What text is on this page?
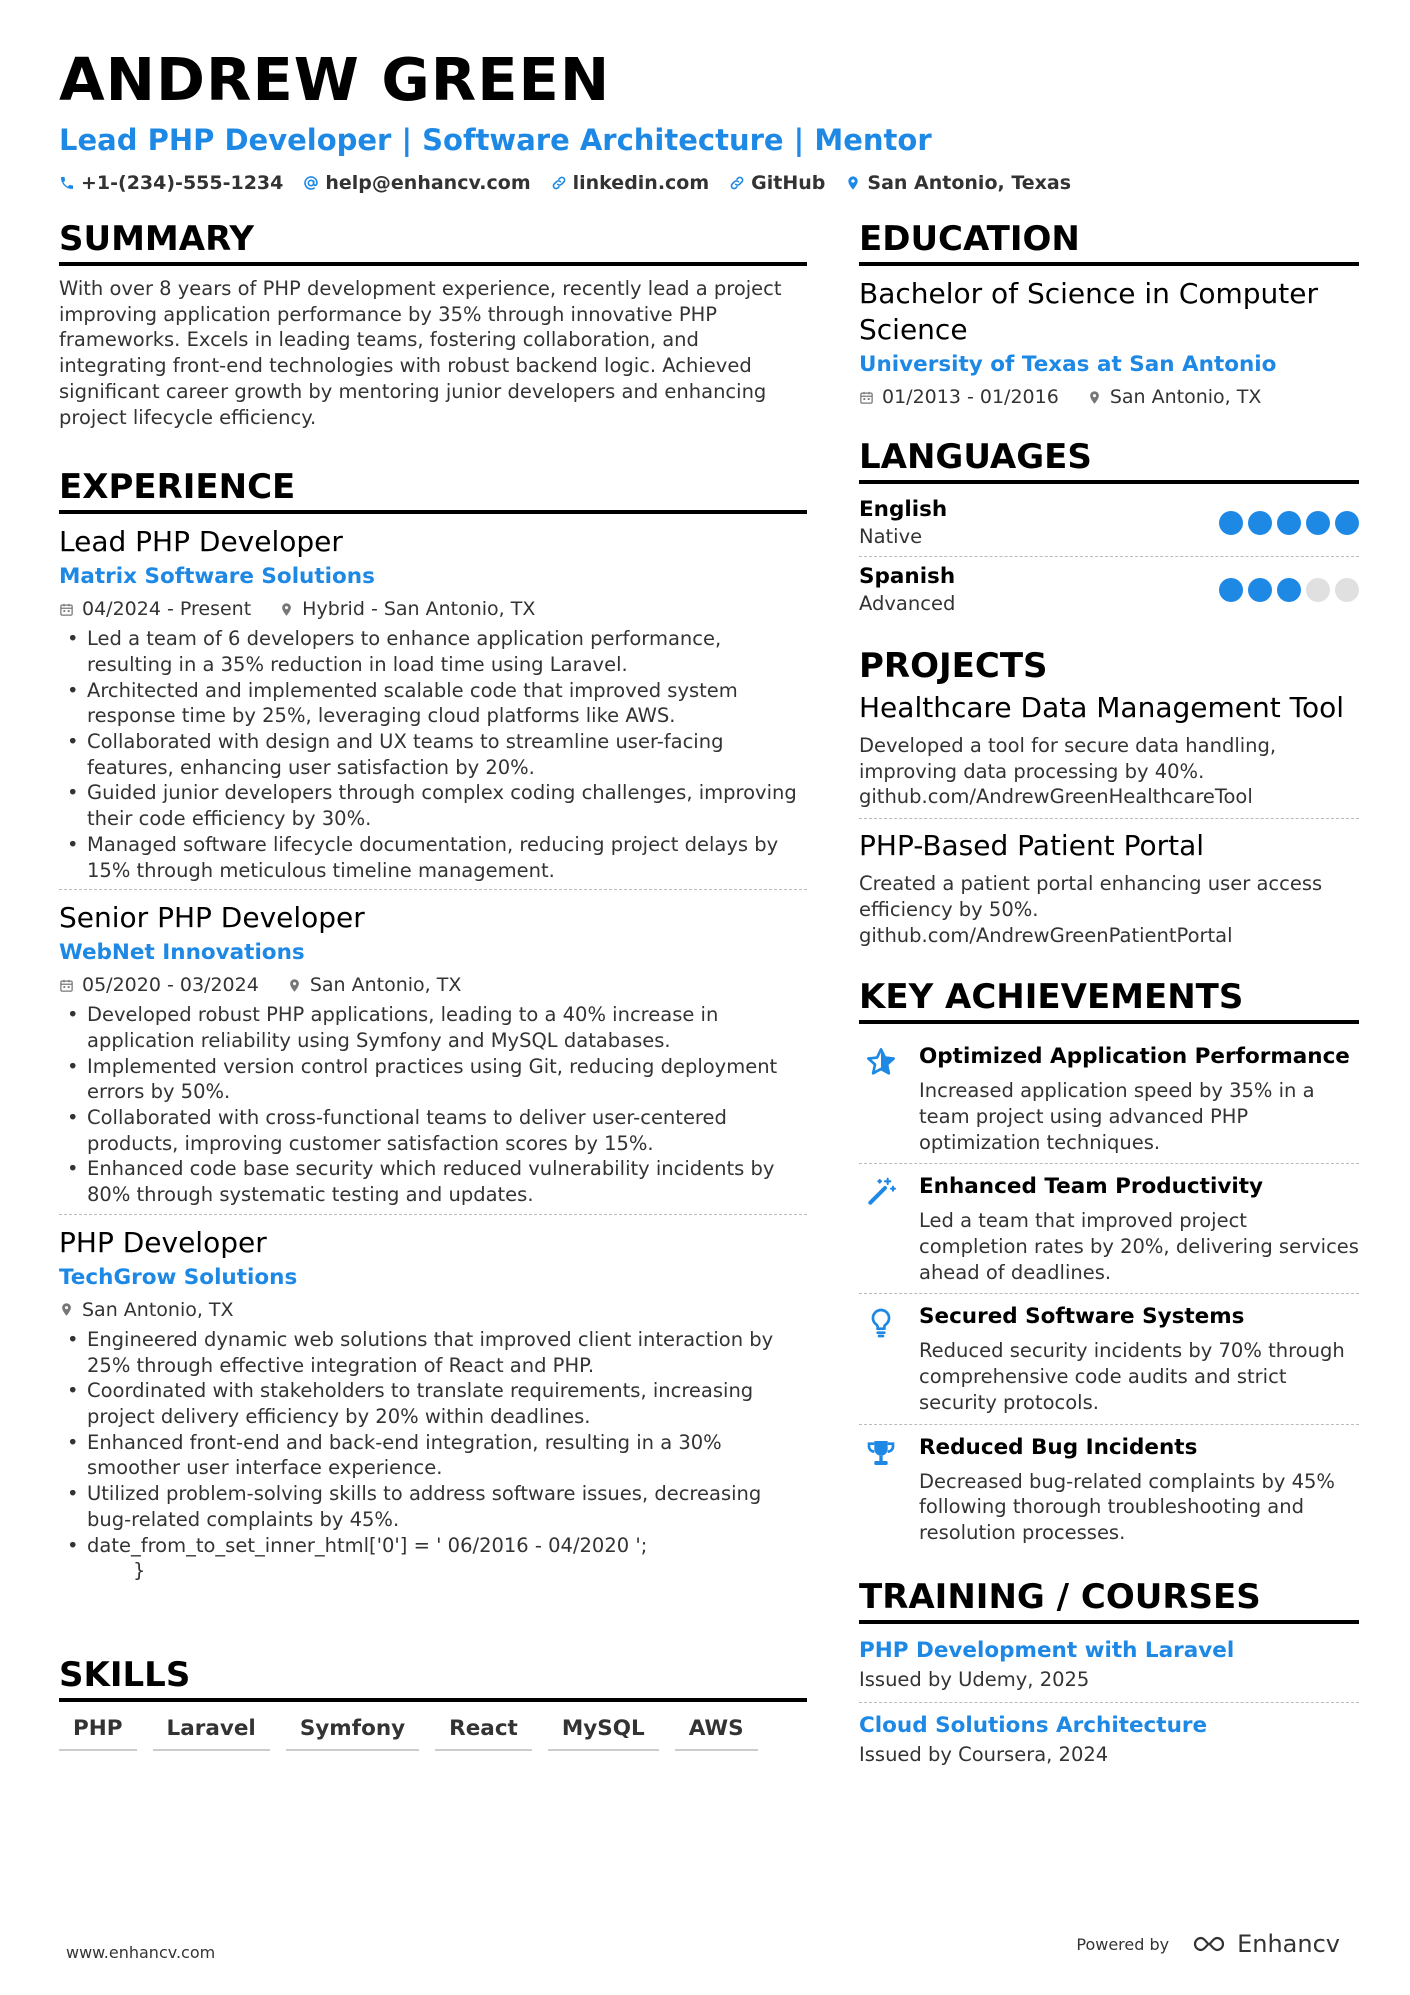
ANDREW GREEN
Lead PHP Developer | Software Architecture | Mentor
+1-(234)-555-1234 help@enhancv.com linkedin.com GitHub San Antonio, Texas
SUMMARY

With over 8 years of PHP development experience, recently lead a project improving application performance by 35% through innovative PHP frameworks. Excels in leading teams, fostering collaboration, and integrating front-end technologies with robust backend logic. Achieved significant career growth by mentoring junior developers and enhancing project lifecycle efficiency.

EXPERIENCE
Lead PHP Developer
Matrix Software Solutions
04/2024 - Present	Hybrid - San Antonio, TX
• Led a team of 6 developers to enhance application performance, resulting in a 35% reduction in load time using Laravel.
• Architected and implemented scalable code that improved system response time by 25%, leveraging cloud platforms like AWS.
• Collaborated with design and UX teams to streamline user-facing features, enhancing user satisfaction by 20%.
• Guided junior developers through complex coding challenges, improving their code efficiency by 30%.
• Managed software lifecycle documentation, reducing project delays by 15% through meticulous timeline management.
Senior PHP Developer
WebNet Innovations
05/2020 - 03/2024	San Antonio, TX
• Developed robust PHP applications, leading to a 40% increase in application reliability using Symfony and MySQL databases.
• Implemented version control practices using Git, reducing deployment errors by 50%.
• Collaborated with cross-functional teams to deliver user-centered products, improving customer satisfaction scores by 15%.
• Enhanced code base security which reduced vulnerability incidents by 80% through systematic testing and updates.
PHP Developer
TechGrow Solutions
San Antonio, TX
• Engineered dynamic web solutions that improved client interaction by 25% through effective integration of React and PHP.
• Coordinated with stakeholders to translate requirements, increasing project delivery efficiency by 20% within deadlines.
• Enhanced front-end and back-end integration, resulting in a 30% smoother user interface experience.
• Utilized problem-solving skills to address software issues, decreasing bug-related complaints by 45%.
• date_from_to_set_inner_html['0'] = ' 06/2016 - 04/2020 ';
}
SKILLS
PHP	Laravel	Symfony	React	MySQL	AWS
EDUCATION
Bachelor of Science in Computer Science
University of Texas at San Antonio
01/2013 - 01/2016	San Antonio, TX
LANGUAGES
English
Native
Spanish
Advanced
PROJECTS
Healthcare Data Management Tool
Developed a tool for secure data handling, improving data processing by 40%. github.com/AndrewGreenHealthcareTool
PHP-Based Patient Portal
Created a patient portal enhancing user access efficiency by 50%. github.com/AndrewGreenPatientPortal
KEY ACHIEVEMENTS
Optimized Application Performance
Increased application speed by 35% in a team project using advanced PHP optimization techniques.
Enhanced Team Productivity
Led a team that improved project completion rates by 20%, delivering services ahead of deadlines.
Secured Software Systems
Reduced security incidents by 70% through comprehensive code audits and strict security protocols.
Reduced Bug Incidents
Decreased bug-related complaints by 45% following thorough troubleshooting and resolution processes.
TRAINING / COURSES
PHP Development with Laravel
Issued by Udemy, 2025
Cloud Solutions Architecture
Issued by Coursera, 2024
www.enhancv.com	Powered by	Enhancv
